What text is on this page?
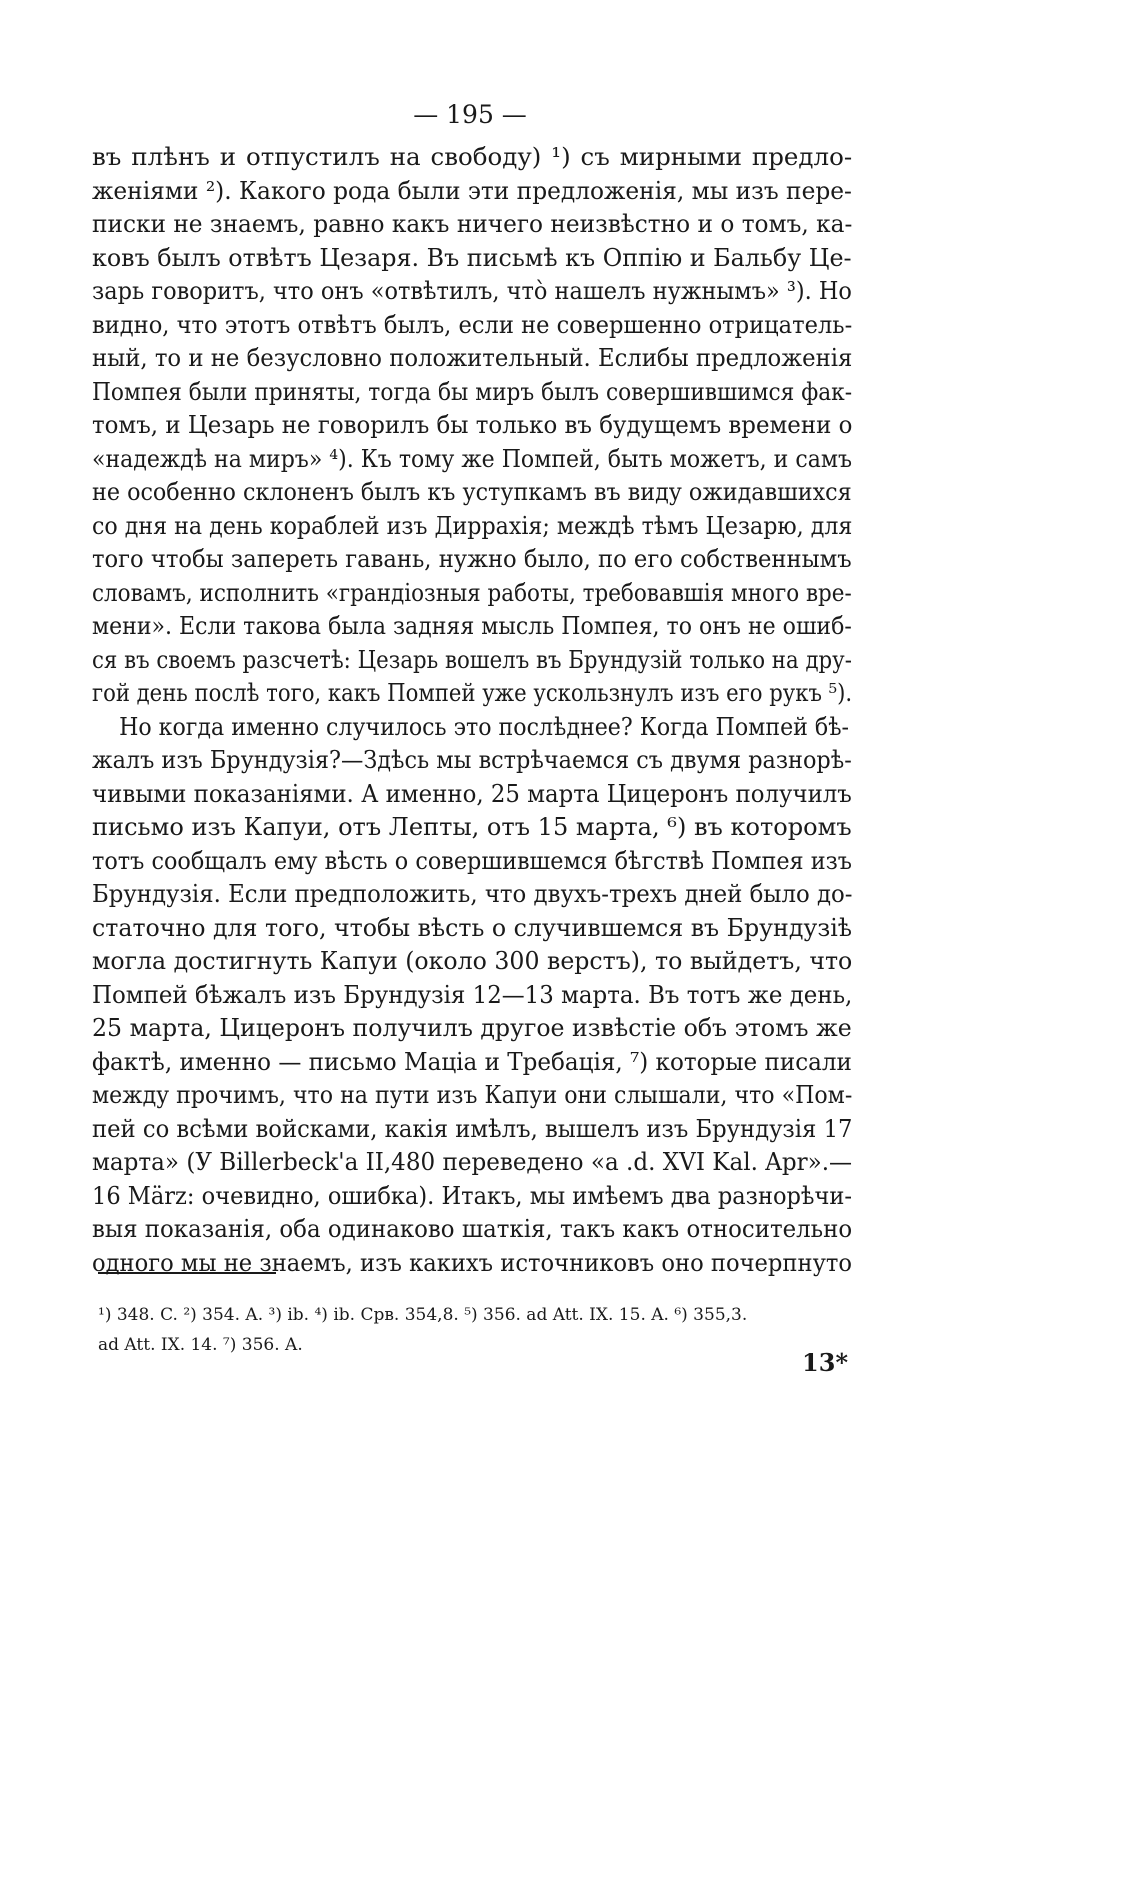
— 195 —
въ плѣнъ и отпустилъ на свободу) ¹) съ мирными предло-
женіями ²). Какого рода были эти предложенія, мы изъ пере-
писки не знаемъ, равно какъ ничего неизвѣстно и о томъ, ка-
ковъ былъ отвѣтъ Цезаря. Въ письмѣ къ Оппію и Бальбу Це-
зарь говоритъ, что онъ «отвѣтилъ, что̀ нашелъ нужнымъ» ³). Но
видно, что этотъ отвѣтъ былъ, если не совершенно отрицатель-
ный, то и не безусловно положительный. Еслибы предложенія
Помпея были приняты, тогда бы миръ былъ совершившимся фак-
томъ, и Цезарь не говорилъ бы только въ будущемъ времени о
«надеждѣ на миръ» ⁴). Къ тому же Помпей, быть можетъ, и самъ
не особенно склоненъ былъ къ уступкамъ въ виду ожидавшихся
со дня на день кораблей изъ Диррахія; междѣ тѣмъ Цезарю, для
того чтобы запереть гавань, нужно было, по его собственнымъ
словамъ, исполнить «грандіозныя работы, требовавшія много вре-
мени». Если такова была задняя мысль Помпея, то онъ не ошиб-
ся въ своемъ разсчетѣ: Цезарь вошелъ въ Брундузій только на дру-
гой день послѣ того, какъ Помпей уже ускользнулъ изъ его рукъ ⁵).
Но когда именно случилось это послѣднее? Когда Помпей бѣ-
жалъ изъ Брундузія?—Здѣсь мы встрѣчаемся съ двумя разнорѣ-
чивыми показаніями. А именно, 25 марта Цицеронъ получилъ
письмо изъ Капуи, отъ Лепты, отъ 15 марта, ⁶) въ которомъ
тотъ сообщалъ ему вѣсть о совершившемся бѣгствѣ Помпея изъ
Брундузія. Если предположить, что двухъ-трехъ дней было до-
статочно для того, чтобы вѣсть о случившемся въ Брундузіѣ
могла достигнуть Капуи (около 300 верстъ), то выйдетъ, что
Помпей бѣжалъ изъ Брундузія 12—13 марта. Въ тотъ же день,
25 марта, Цицеронъ получилъ другое извѣстіе объ этомъ же
фактѣ, именно — письмо Маціа и Требація, ⁷) которые писали
между прочимъ, что на пути изъ Капуи они слышали, что «Пом-
пей со всѣми войсками, какія имѣлъ, вышелъ изъ Брундузія 17
марта» (У Billerbeck'а II,480 переведено «a .d. XVI Kal. Apr».—
16 März: очевидно, ошибка). Итакъ, мы имѣемъ два разнорѣчи-
выя показанія, оба одинаково шаткія, такъ какъ относительно
одного мы не знаемъ, изъ какихъ источниковъ оно почерпнуто
¹) 348. C. ²) 354. A. ³) ib. ⁴) ib. Срв. 354,8. ⁵) 356. ad Att. IX. 15. A. ⁶) 355,3.
ad Att. IX. 14. ⁷) 356. A.
13*
